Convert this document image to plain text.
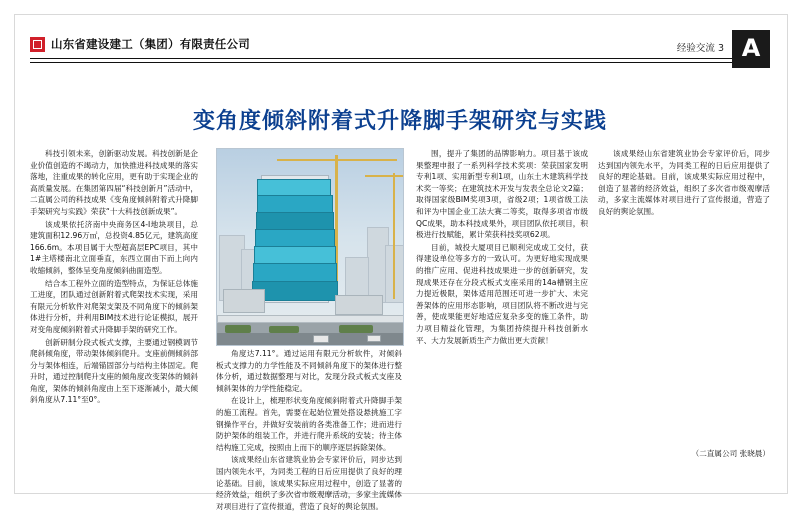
山东省建设建工（集团）有限责任公司	经验交流 3 A
变角度倾斜附着式升降脚手架研究与实践

科技引领未来，创新驱动发展。科技创新是企业价值创造的不竭动力，加快推进科技成果的落实落地，注重成果的转化应用，更有助于实现企业的高质量发展。在集团第四届“科技创新月”活动中，二直属公司的科技成果《变角度倾斜附着式升降脚手架研究与实践》荣获“十大科技创新成果”。

该成果依托济南中央商务区4-I地块项目，总建筑面积12.96万㎡，总投资4.85亿元，建筑高度166.6m。本项目属于大型超高层EPC项目，其中1#主塔楼南北立面垂直，东西立面由下而上向内收缩倾斜，整体呈变角度倾斜曲面造型。

结合本工程外立面的造型特点，为保证总体施工进度，团队通过创新附着式爬架技术实现，采用有限元分析软件对爬架支架及不同角度下的倾斜架体进行分析，并利用BIM技术进行论证模拟，展开对变角度倾斜附着式升降脚手架的研究工作。

创新研制分段式板式支撑，主要通过钢模调节爬斜倾角度，带动架体倾斜爬升。支座前侧倾斜部分与架体相连，后端锚固部分与结构主体固定。爬升时，通过控制爬升支座的倾角度改变架体的倾斜角度，架体的倾斜角度由上至下逐渐减小，最大倾斜角度从7.11°至0°。

角度达7.11°。通过运用有限元分析软件，对倾斜板式支撑力的力学性能及不同倾斜角度下的架体进行整体分析，通过数据整理与对比，发现分段式板式支座及倾斜架体的力学性能稳定。

在设计上，梳理形状变角度倾斜附着式升降脚手架的施工流程。首先，需要在起始位置处搭设悬挑施工字钢操作平台，并做好安装前的各类准备工作；进而进行防护架体的组装工作，并进行爬升系统的安装；待主体结构施工完成，按照由上而下的顺序逐层拆除架体。

该成果经山东省建筑业协会专家评价后，同步达到国内领先水平，为同类工程的日后应用提供了良好的理论基础。目前，该成果实际应用过程中，创造了显著的经济效益，组织了多次省市级观摩活动，多家主流媒体对项目进行了宣传报道，营造了良好的舆论氛围。

围，提升了集团的品牌影响力。项目基于该成果整理申报了一系列科学技术奖项：荣获国家发明专利1项、实用新型专利1项，山东土木建筑科学技术奖一等奖；在建筑技术开发与发表全总论文2篇；取得国家级BIM奖项3项，省级2项；1项省级工法和评为中国企业工法大赛二等奖，取得多项省市级QC成果，助本科技成果外，项目团队依托项目，积极进行技赋能，累计荣获科技奖项62项。

目前，城投大厦项目已顺利完成成工交付，获得建设单位等多方的一致认可。为更好地实现成果的推广应用、促进科技成果进一步的创新研究，发现成果还存在分段式板式支座采用的14a槽钢主应力提近极限，架体适用范围还可进一步扩大、未完善架体的应用形态影响，项目团队将不断改进与完善，使成果能更好地适应复杂多变的施工条件，助力项目精益化管理，为集团持续提升科技创新水平、大力发展新质生产力做出更大贡献！

该成果经山东省建筑业协会专家评价后，同步达到国内领先水平，为同类工程的日后应用提供了良好的理论基础。目前，该成果实际应用过程中，创造了显著的经济效益，组织了多次省市级观摩活动，多家主流媒体对项目进行了宣传报道，营造了良好的舆论氛围。

（二直属公司 张晓晨）
